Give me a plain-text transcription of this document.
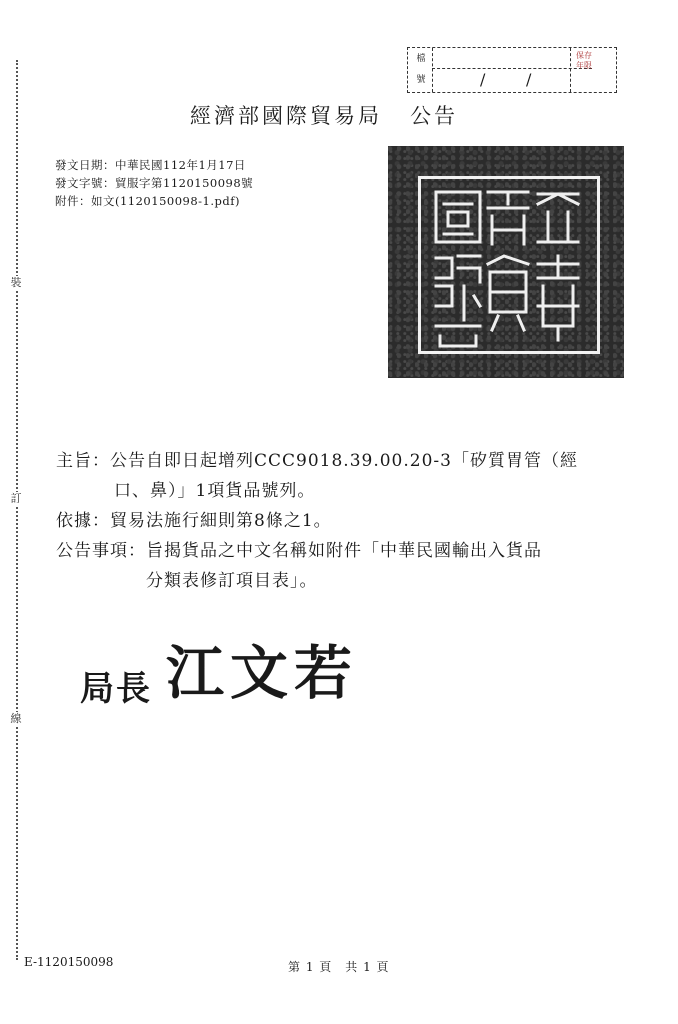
裝
訂
線
檔
號	/	/
保存年限
經濟部國際貿易局 公告
發文日期：中華民國112年1月17日
發文字號：貿服字第1120150098號
附件：如文(1120150098-1.pdf)
主旨：公告自即日起增列CCC9018.39.00.20-3「矽質胃管（經
口、鼻）」1項貨品號列。
依據：貿易法施行細則第8條之1。
公告事項：旨揭貨品之中文名稱如附件「中華民國輸出入貨品
分類表修訂項目表」。
局長 江文若
E-1120150098	第 1 頁　共 1 頁
